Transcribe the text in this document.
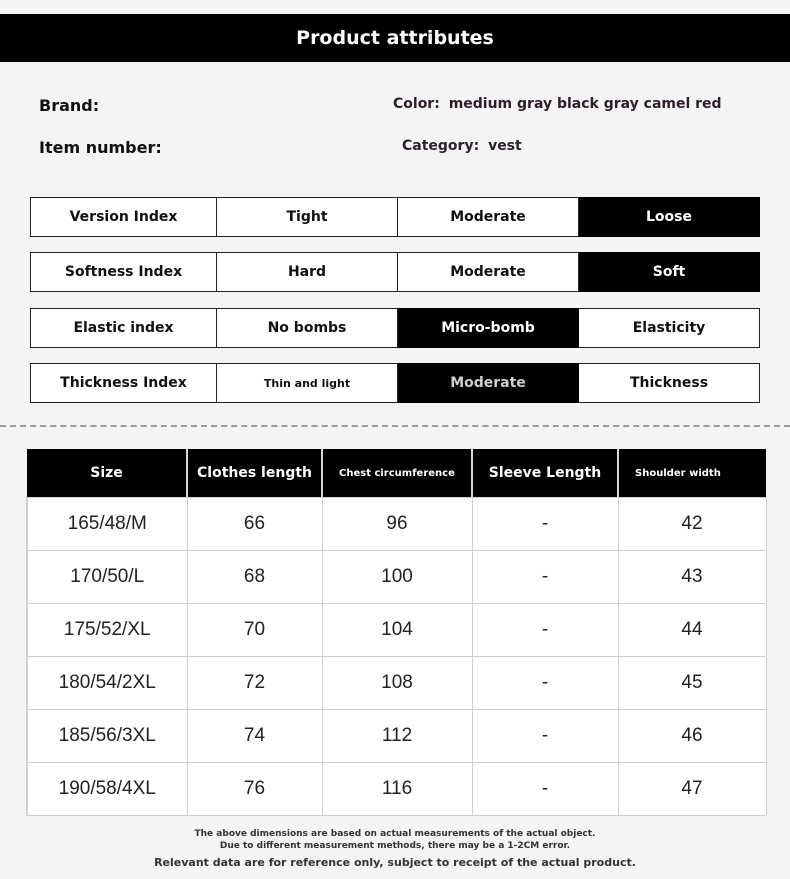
Product attributes
Brand:
Item number:
Color: medium gray black gray camel red
Category: vest
Version Index	Tight	Moderate	Loose
Softness Index	Hard	Moderate	Soft
Elastic index	No bombs	Micro-bomb	Elasticity
Thickness Index	Thin and light	Moderate	Thickness
Size	Clothes length	Chest circumference	Sleeve Length	Shoulder width
165/48/M	66	96	-	42
170/50/L	68	100	-	43
175/52/XL	70	104	-	44
180/54/2XL	72	108	-	45
185/56/3XL	74	112	-	46
190/58/4XL	76	116	-	47
The above dimensions are based on actual measurements of the actual object.
Due to different measurement methods, there may be a 1-2CM error.
Relevant data are for reference only, subject to receipt of the actual product.
